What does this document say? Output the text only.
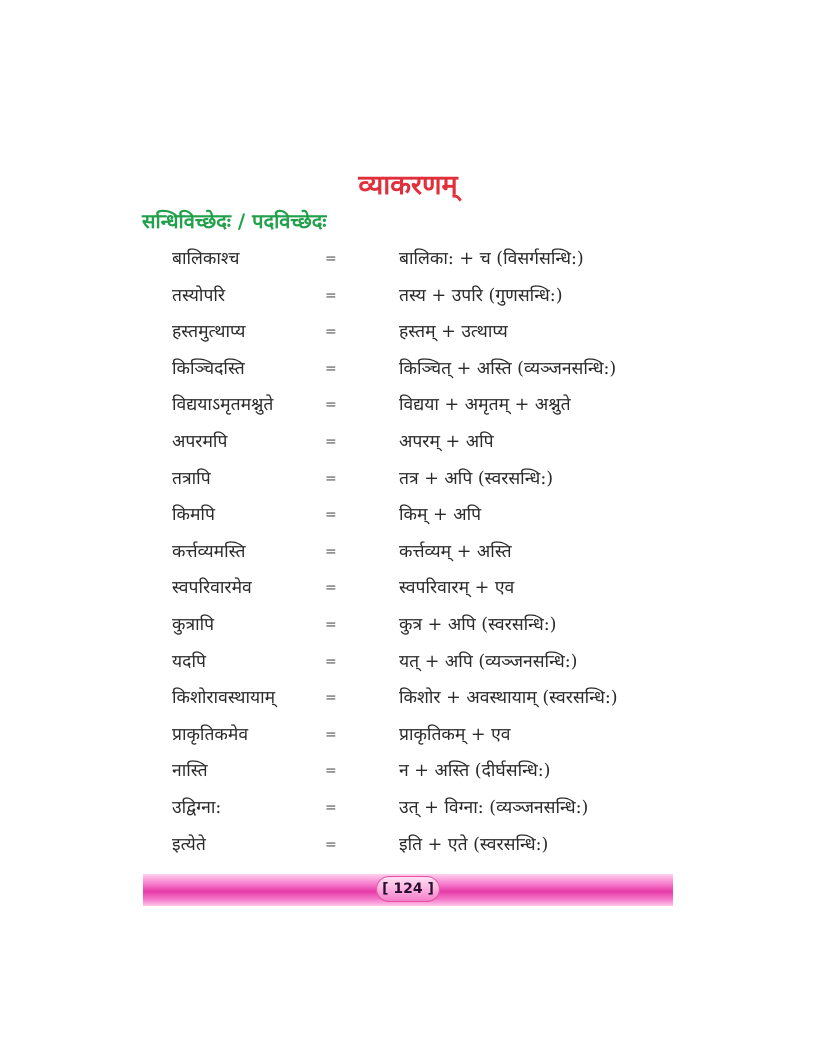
व्याकरणम्
सन्धिविच्छेदः / पदविच्छेदः
बालिकाश्च	=	बालिका: + च (विसर्गसन्धि:)
तस्योपरि	=	तस्य + उपरि (गुणसन्धि:)
हस्तमुत्थाप्य	=	हस्तम् + उत्थाप्य
किञ्चिदस्ति	=	किञ्चित् + अस्ति (व्यञ्जनसन्धि:)
विद्ययाऽमृतमश्नुते	=	विद्यया + अमृतम् + अश्नुते
अपरमपि	=	अपरम् + अपि
तत्रापि	=	तत्र + अपि (स्वरसन्धि:)
किमपि	=	किम् + अपि
कर्त्तव्यमस्ति	=	कर्त्तव्यम् + अस्ति
स्वपरिवारमेव	=	स्वपरिवारम् + एव
कुत्रापि	=	कुत्र + अपि (स्वरसन्धि:)
यदपि	=	यत् + अपि (व्यञ्जनसन्धि:)
किशोरावस्थायाम्	=	किशोर + अवस्थायाम् (स्वरसन्धि:)
प्राकृतिकमेव	=	प्राकृतिकम् + एव
नास्ति	=	न + अस्ति (दीर्घसन्धि:)
उद्विग्ना:	=	उत् + विग्ना: (व्यञ्जनसन्धि:)
इत्येते	=	इति + एते (स्वरसन्धि:)
[ 124 ]
